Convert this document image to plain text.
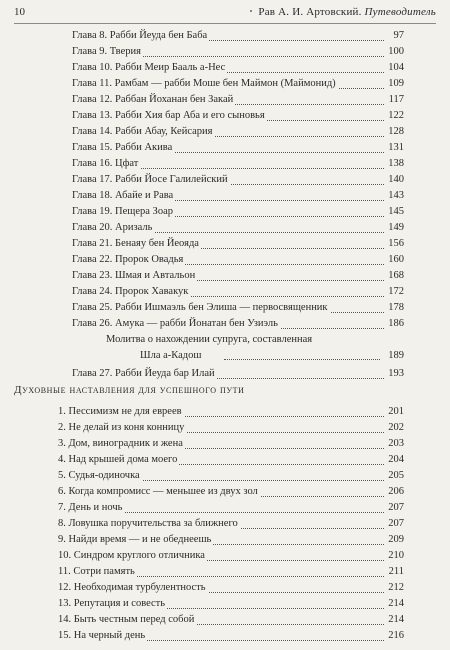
10	Рав А. И. Артовский. Путеводитель
Глава 8. Рабби Йеуда бен Баба	97
Глава 9. Тверия	100
Глава 10. Рабби Меир Бааль а-Нес	104
Глава 11. Рамбам — рабби Моше бен Маймон (Маймонид)	109
Глава 12. Раббан Йоханан бен Закай	117
Глава 13. Рабби Хия бар Аба и его сыновья	122
Глава 14. Рабби Абау, Кейсария	128
Глава 15. Рабби Акива	131
Глава 16. Цфат	138
Глава 17. Рабби Йосе Галилейский	140
Глава 18. Абайе и Рава	143
Глава 19. Пещера Зоар	145
Глава 20. Аризаль	149
Глава 21. Бенаяу бен Йеояда	156
Глава 22. Пророк Овадья	160
Глава 23. Шмая и Автальон	168
Глава 24. Пророк Хавакук	172
Глава 25. Рабби Ишмаэль бен Элиша — первосвященник	178
Глава 26. Амука — рабби Йонатан бен Узиэль	186
Молитва о нахождении супруга, составленная
Шла а-Кадош	189
Глава 27. Рабби Йеуда бар Илай	193
Духовные наставления для успешного пути
1. Пессимизм не для евреев	201
2. Не делай из коня конницу	202
3. Дом, виноградник и жена	203
4. Над крышей дома моего	204
5. Судья-одиночка	205
6. Когда компромисс — меньшее из двух зол	206
7. День и ночь	207
8. Ловушка поручительства за ближнего	207
9. Найди время — и не обеднеешь	209
10. Синдром круглого отличника	210
11. Сотри память	211
12. Необходимая турбулентность	212
13. Репутация и совесть	214
14. Быть честным перед собой	214
15. На черный день	216
